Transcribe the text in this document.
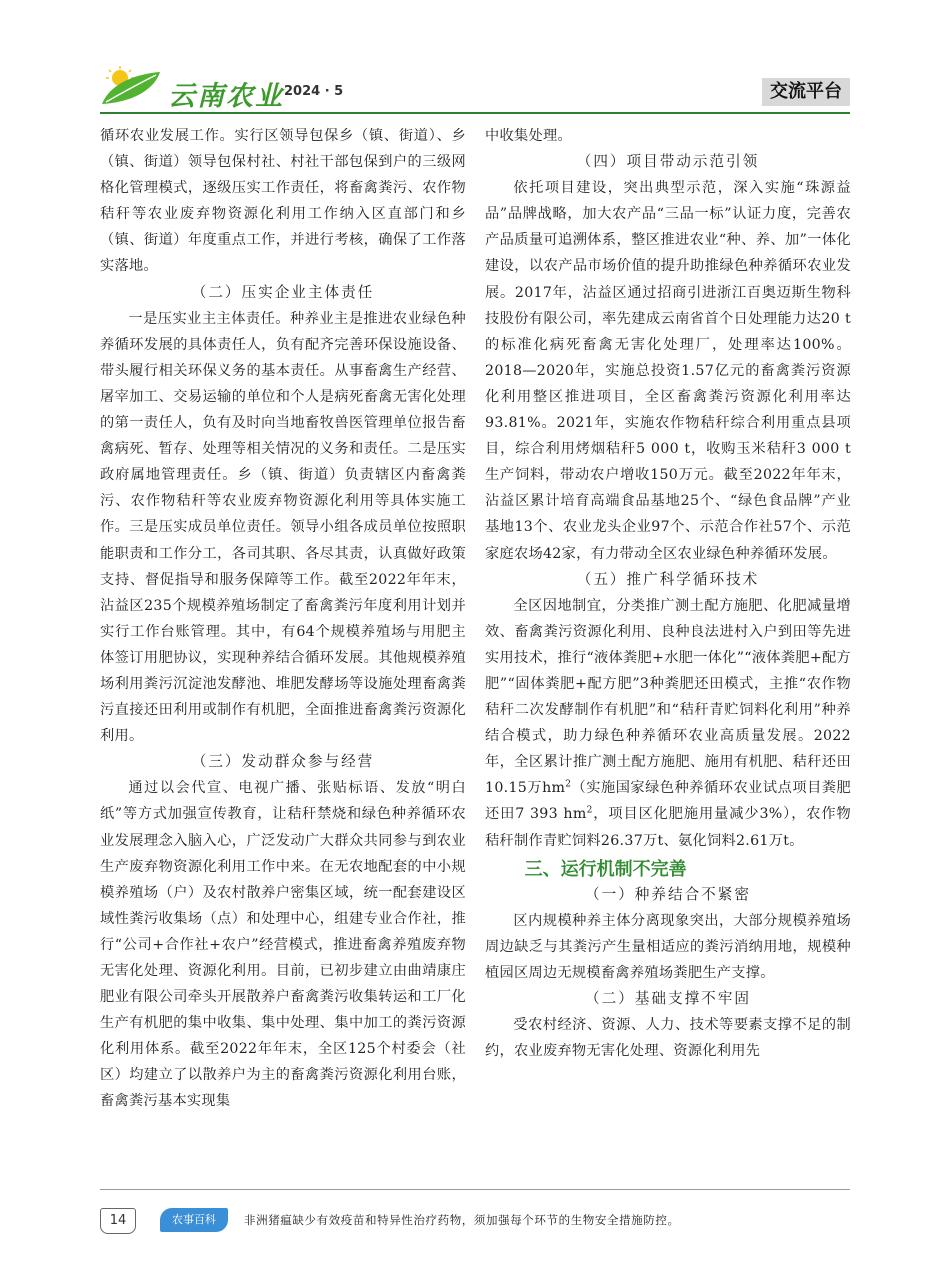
云南农业 2024 · 5	交流平台

循环农业发展工作。实行区领导包保乡（镇、街道）、乡（镇、街道）领导包保村社、村社干部包保到户的三级网格化管理模式，逐级压实工作责任，将畜禽粪污、农作物秸秆等农业废弃物资源化利用工作纳入区直部门和乡（镇、街道）年度重点工作，并进行考核，确保了工作落实落地。

（二）压实企业主体责任

一是压实业主主体责任。种养业主是推进农业绿色种养循环发展的具体责任人，负有配齐完善环保设施设备、带头履行相关环保义务的基本责任。从事畜禽生产经营、屠宰加工、交易运输的单位和个人是病死畜禽无害化处理的第一责任人，负有及时向当地畜牧兽医管理单位报告畜禽病死、暂存、处理等相关情况的义务和责任。二是压实政府属地管理责任。乡（镇、街道）负责辖区内畜禽粪污、农作物秸秆等农业废弃物资源化利用等具体实施工作。三是压实成员单位责任。领导小组各成员单位按照职能职责和工作分工，各司其职、各尽其责，认真做好政策支持、督促指导和服务保障等工作。截至2022年年末，沾益区235个规模养殖场制定了畜禽粪污年度利用计划并实行工作台账管理。其中，有64个规模养殖场与用肥主体签订用肥协议，实现种养结合循环发展。其他规模养殖场利用粪污沉淀池发酵池、堆肥发酵场等设施处理畜禽粪污直接还田利用或制作有机肥，全面推进畜禽粪污资源化利用。

（三）发动群众参与经营

通过以会代宣、电视广播、张贴标语、发放“明白纸”等方式加强宣传教育，让秸秆禁烧和绿色种养循环农业发展理念入脑入心，广泛发动广大群众共同参与到农业生产废弃物资源化利用工作中来。在无农地配套的中小规模养殖场（户）及农村散养户密集区域，统一配套建设区域性粪污收集场（点）和处理中心，组建专业合作社，推行“公司+合作社+农户”经营模式，推进畜禽养殖废弃物无害化处理、资源化利用。目前，已初步建立由曲靖康庄肥业有限公司牵头开展散养户畜禽粪污收集转运和工厂化生产有机肥的集中收集、集中处理、集中加工的粪污资源化利用体系。截至2022年年末，全区125个村委会（社区）均建立了以散养户为主的畜禽粪污资源化利用台账，畜禽粪污基本实现集

中收集处理。

（四）项目带动示范引领

依托项目建设，突出典型示范，深入实施“珠源益品”品牌战略，加大农产品“三品一标”认证力度，完善农产品质量可追溯体系，整区推进农业“种、养、加”一体化建设，以农产品市场价值的提升助推绿色种养循环农业发展。2017年，沾益区通过招商引进浙江百奥迈斯生物科技股份有限公司，率先建成云南省首个日处理能力达20 t的标准化病死畜禽无害化处理厂，处理率达100%。2018—2020年，实施总投资1.57亿元的畜禽粪污资源化利用整区推进项目，全区畜禽粪污资源化利用率达93.81%。2021年，实施农作物秸秆综合利用重点县项目，综合利用烤烟秸秆5 000 t，收购玉米秸秆3 000 t生产饲料，带动农户增收150万元。截至2022年年末，沾益区累计培育高端食品基地25个、“绿色食品牌”产业基地13个、农业龙头企业97个、示范合作社57个、示范家庭农场42家，有力带动全区农业绿色种养循环发展。

（五）推广科学循环技术

全区因地制宜，分类推广测土配方施肥、化肥减量增效、畜禽粪污资源化利用、良种良法进村入户到田等先进实用技术，推行“液体粪肥+水肥一体化”“液体粪肥+配方肥”“固体粪肥+配方肥”3种粪肥还田模式，主推“农作物秸秆二次发酵制作有机肥”和“秸秆青贮饲料化利用”种养结合模式，助力绿色种养循环农业高质量发展。2022年，全区累计推广测土配方施肥、施用有机肥、秸秆还田10.15万$hm^2$（实施国家绿色种养循环农业试点项目粪肥还田7 393 $hm^2$，项目区化肥施用量减少3%），农作物秸秆制作青贮饲料26.37万t、氨化饲料2.61万t。

三、运行机制不完善

（一）种养结合不紧密

区内规模种养主体分离现象突出，大部分规模养殖场周边缺乏与其粪污产生量相适应的粪污消纳用地，规模种植园区周边无规模畜禽养殖场粪肥生产支撑。

（二）基础支撑不牢固

受农村经济、资源、人力、技术等要素支撑不足的制约，农业废弃物无害化处理、资源化利用先

14	农事百科	非洲猪瘟缺少有效疫苗和特异性治疗药物，须加强每个环节的生物安全措施防控。
